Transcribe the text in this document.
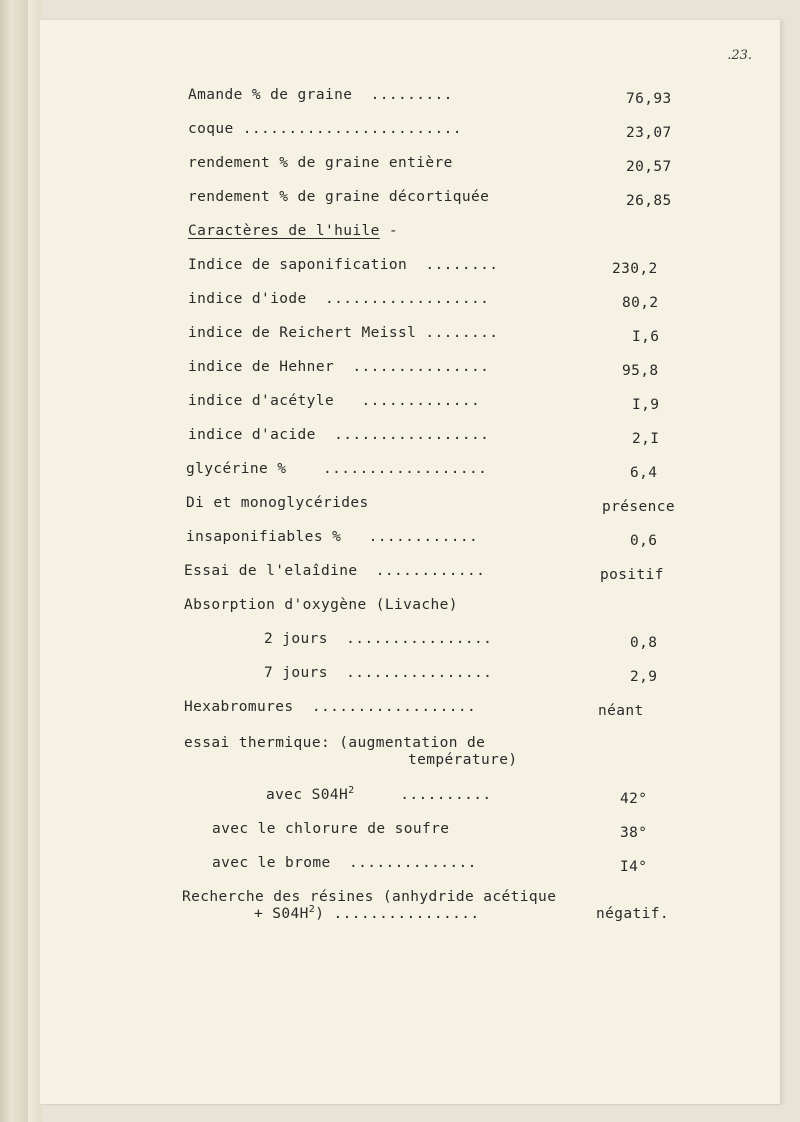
.23.
Amande % de graine  .........	76,93
coque ........................	23,07
rendement % de graine entière	20,57
rendement % de graine décortiquée	26,85
Caractères de l'huile -
Indice de saponification  ........	230,2
indice d'iode  ..................	80,2
indice de Reichert Meissl ........	I,6
indice de Hehner  ...............	95,8
indice d'acétyle   .............	I,9
indice d'acide  .................	2,I
glycérine %    ..................	6,4
Di et monoglycérides	présence
insaponifiables %   ............	0,6
Essai de l'elaîdine  ............	positif
Absorption d'oxygène (Livache)
2 jours  ................	0,8
7 jours  ................	2,9
Hexabromures  ..................	néant
essai thermique: (augmentation de
température)
avec $S04H^2$     ..........	42°
avec le chlorure de soufre	38°
avec le brome  ..............	I4°
Recherche des résines (anhydride acétique
+ $S04H^2$) ................	négatif.
